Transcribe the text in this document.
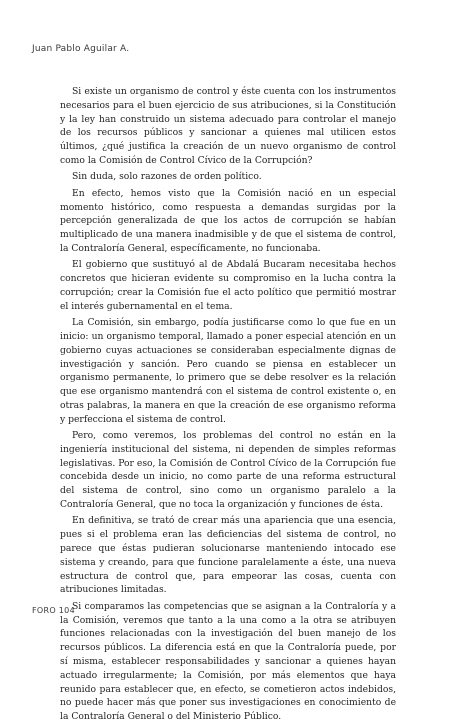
Juan Pablo Aguilar A.

Si existe un organismo de control y éste cuenta con los instrumentos necesarios para el buen ejercicio de sus atribuciones, si la Constitución y la ley han construido un sistema adecuado para controlar el manejo de los recursos públicos y sancionar a quienes mal utilicen estos últimos, ¿qué justifica la creación de un nuevo organismo de control como la Comisión de Control Cívico de la Corrupción?

Sin duda, solo razones de orden político.

En efecto, hemos visto que la Comisión nació en un especial momento histórico, como respuesta a demandas surgidas por la percepción generalizada de que los actos de corrupción se habían multiplicado de una manera inadmisible y de que el sistema de control, la Contraloría General, específicamente, no funcionaba.

El gobierno que sustituyó al de Abdalá Bucaram necesitaba hechos concretos que hicieran evidente su compromiso en la lucha contra la corrupción; crear la Comisión fue el acto político que permitió mostrar el interés gubernamental en el tema.

La Comisión, sin embargo, podía justificarse como lo que fue en un inicio: un organismo temporal, llamado a poner especial atención en un gobierno cuyas actuaciones se consideraban especialmente dignas de investigación y sanción. Pero cuando se piensa en establecer un organismo permanente, lo primero que se debe resolver es la relación que ese organismo mantendrá con el sistema de control existente o, en otras palabras, la manera en que la creación de ese organismo reforma y perfecciona el sistema de control.

Pero, como veremos, los problemas del control no están en la ingeniería institucional del sistema, ni dependen de simples reformas legislativas. Por eso, la Comisión de Control Cívico de la Corrupción fue concebida desde un inicio, no como parte de una reforma estructural del sistema de control, sino como un organismo paralelo a la Contraloría General, que no toca la organización y funciones de ésta.

En definitiva, se trató de crear más una apariencia que una esencia, pues si el problema eran las deficiencias del sistema de control, no parece que éstas pudieran solucionarse manteniendo intocado ese sistema y creando, para que funcione paralelamente a éste, una nueva estructura de control que, para empeorar las cosas, cuenta con atribuciones limitadas.

Si comparamos las competencias que se asignan a la Contraloría y a la Comisión, veremos que tanto a la una como a la otra se atribuyen funciones relacionadas con la investigación del buen manejo de los recursos públicos. La diferencia está en que la Contraloría puede, por sí misma, establecer responsabilidades y sancionar a quienes hayan actuado irregularmente; la Comisión, por más elementos que haya reunido para establecer que, en efecto, se cometieron actos indebidos, no puede hacer más que poner sus investigaciones en conocimiento de la Contraloría General o del Ministerio Público.

FORO 104
